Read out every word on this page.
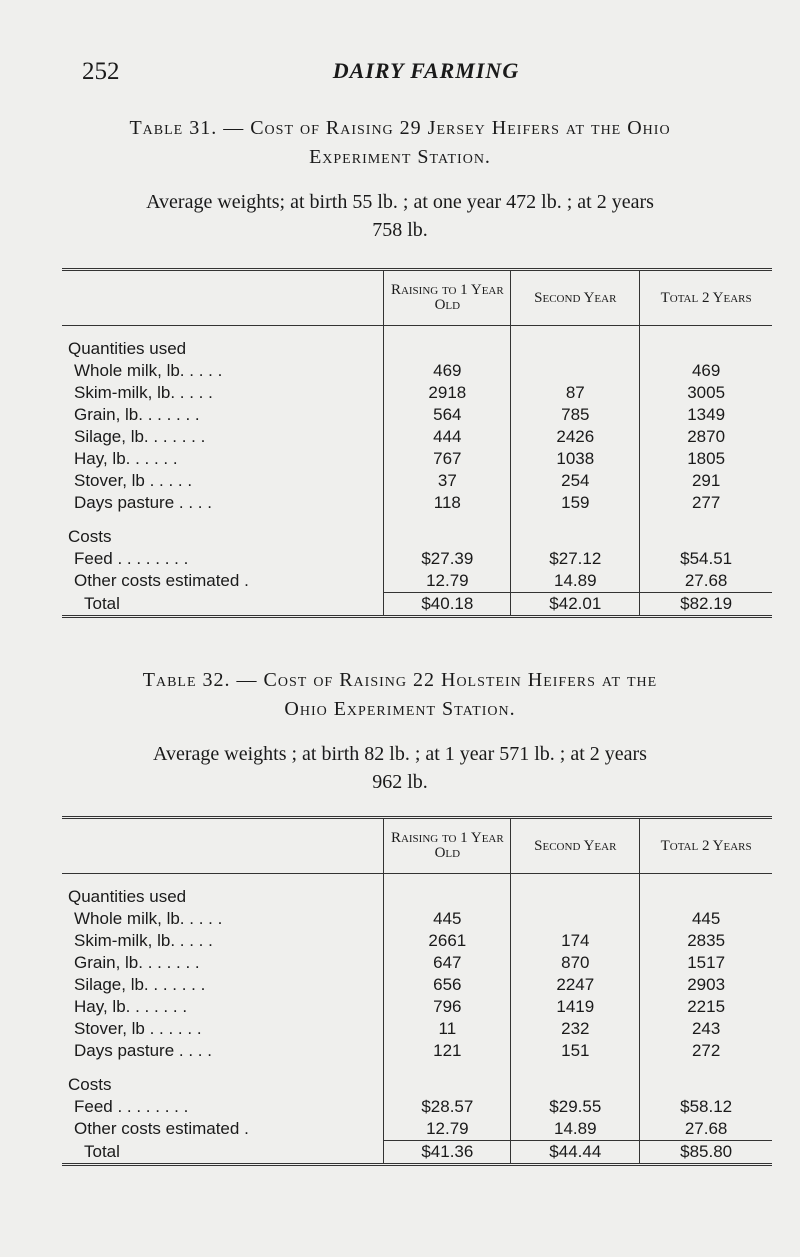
252	DAIRY FARMING
Table 31. — Cost of Raising 29 Jersey Heifers at the Ohio
Experiment Station.
Average weights; at birth 55 lb. ; at one year 472 lb. ; at 2 years
758 lb.
	Raising to 1 Year Old	Second Year	Total 2 Years

Quantities used			
Whole milk, lb. . . . .	469		469
Skim-milk, lb. . . . .	2918	87	3005
Grain, lb. . . . . . .	564	785	1349
Silage, lb. . . . . . .	444	2426	2870
Hay, lb. . . . . .	767	1038	1805
Stover, lb . . . . .	37	254	291
Days pasture . . . .	118	159	277

Costs			
Feed . . . . . . . .	$27.39	$27.12	$54.51
Other costs estimated .	12.79	14.89	27.68
Total	$40.18	$42.01	$82.19
Table 32. — Cost of Raising 22 Holstein Heifers at the
Ohio Experiment Station.
Average weights ; at birth 82 lb. ; at 1 year 571 lb. ; at 2 years
962 lb.
	Raising to 1 Year Old	Second Year	Total 2 Years

Quantities used			
Whole milk, lb. . . . .	445		445
Skim-milk, lb. . . . .	2661	174	2835
Grain, lb. . . . . . .	647	870	1517
Silage, lb. . . . . . .	656	2247	2903
Hay, lb. . . . . . .	796	1419	2215
Stover, lb . . . . . .	11	232	243
Days pasture . . . .	121	151	272

Costs			
Feed . . . . . . . .	$28.57	$29.55	$58.12
Other costs estimated .	12.79	14.89	27.68
Total	$41.36	$44.44	$85.80
